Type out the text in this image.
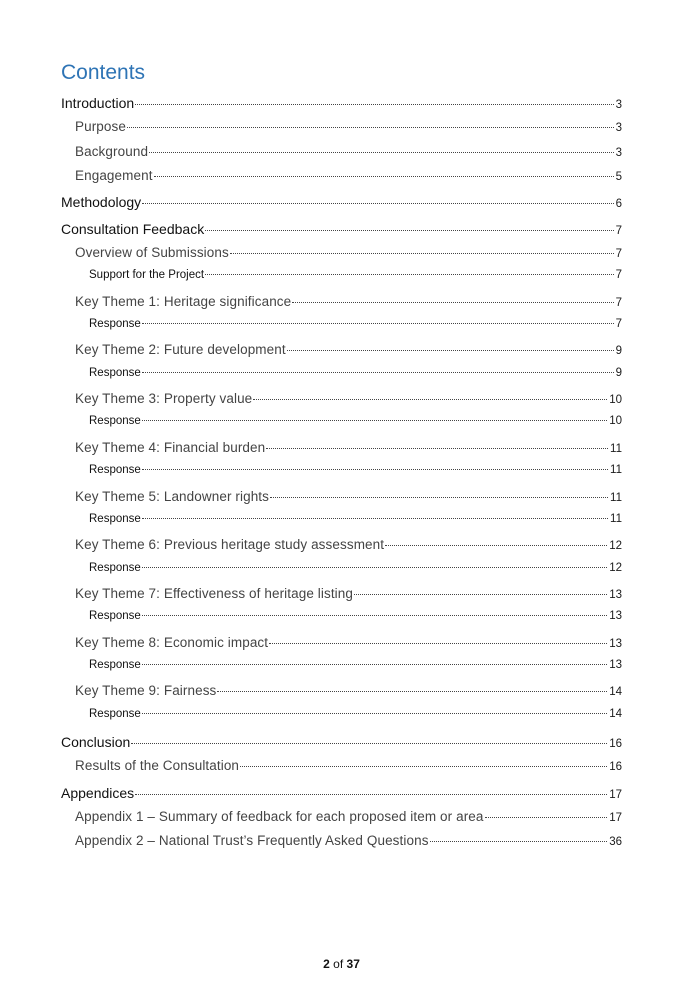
Contents
Introduction	3
Purpose	3
Background	3
Engagement	5
Methodology	6
Consultation Feedback	7
Overview of Submissions	7
Support for the Project	7
Key Theme 1: Heritage significance	7
Response	7
Key Theme 2: Future development	9
Response	9
Key Theme 3: Property value	10
Response	10
Key Theme 4: Financial burden	11
Response	11
Key Theme 5: Landowner rights	11
Response	11
Key Theme 6: Previous heritage study assessment	12
Response	12
Key Theme 7: Effectiveness of heritage listing	13
Response	13
Key Theme 8: Economic impact	13
Response	13
Key Theme 9: Fairness	14
Response	14
Conclusion	16
Results of the Consultation	16
Appendices	17
Appendix 1 – Summary of feedback for each proposed item or area	17
Appendix 2 – National Trust’s Frequently Asked Questions	36
2 of 37
